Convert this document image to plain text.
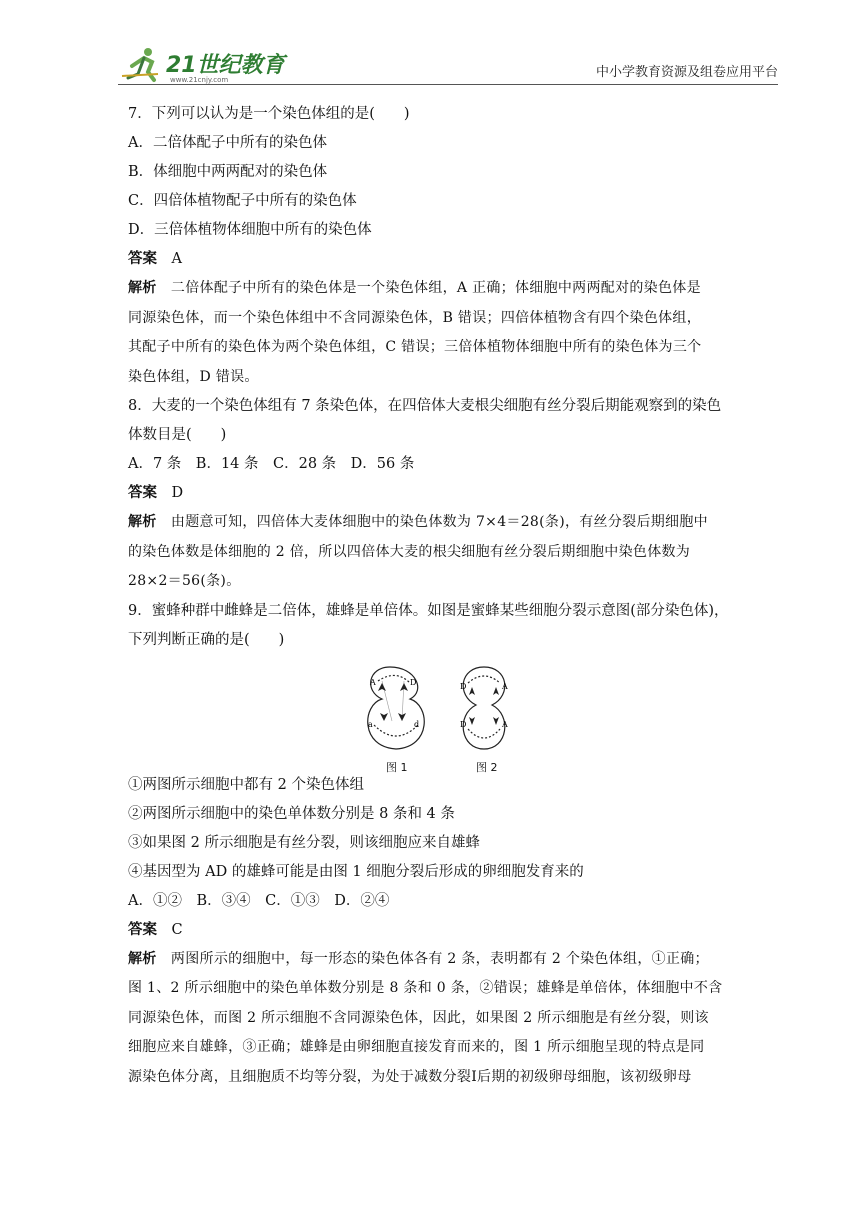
21世纪教育
www.21cnjy.com	中小学教育资源及组卷应用平台
7．下列可以认为是一个染色体组的是(　　)
A．二倍体配子中所有的染色体
B．体细胞中两两配对的染色体
C．四倍体植物配子中所有的染色体
D．三倍体植物体细胞中所有的染色体
答案　 A
解析　 二倍体配子中所有的染色体是一个染色体组，A 正确；体细胞中两两配对的染色体是
同源染色体，而一个染色体组中不含同源染色体，B 错误；四倍体植物含有四个染色体组，
其配子中所有的染色体为两个染色体组，C 错误；三倍体植物体细胞中所有的染色体为三个
染色体组，D 错误。
8．大麦的一个染色体组有 7 条染色体，在四倍体大麦根尖细胞有丝分裂后期能观察到的染色
体数目是(　　)
A．7 条　B．14 条　C．28 条　D．56 条
答案　 D
解析　 由题意可知，四倍体大麦体细胞中的染色体数为 7×4＝28(条)，有丝分裂后期细胞中
的染色体数是体细胞的 2 倍，所以四倍体大麦的根尖细胞有丝分裂后期细胞中染色体数为
28×2＝56(条)。
9．蜜蜂种群中雌蜂是二倍体，雄蜂是单倍体。如图是蜜蜂某些细胞分裂示意图(部分染色体)，
下列判断正确的是(　　)
A	D
a	d
D	A
D	A
图 1	图 2
①两图所示细胞中都有 2 个染色体组
②两图所示细胞中的染色单体数分别是 8 条和 4 条
③如果图 2 所示细胞是有丝分裂，则该细胞应来自雄蜂
④基因型为 AD 的雄蜂可能是由图 1 细胞分裂后形成的卵细胞发育来的
A．①②　B．③④　C．①③　D．②④
答案　 C
解析　 两图所示的细胞中，每一形态的染色体各有 2 条，表明都有 2 个染色体组，①正确；
图 1、2 所示细胞中的染色单体数分别是 8 条和 0 条，②错误；雄蜂是单倍体，体细胞中不含
同源染色体，而图 2 所示细胞不含同源染色体，因此，如果图 2 所示细胞是有丝分裂，则该
细胞应来自雄蜂，③正确；雄蜂是由卵细胞直接发育而来的，图 1 所示细胞呈现的特点是同
源染色体分离，且细胞质不均等分裂，为处于减数分裂Ⅰ后期的初级卵母细胞，该初级卵母
